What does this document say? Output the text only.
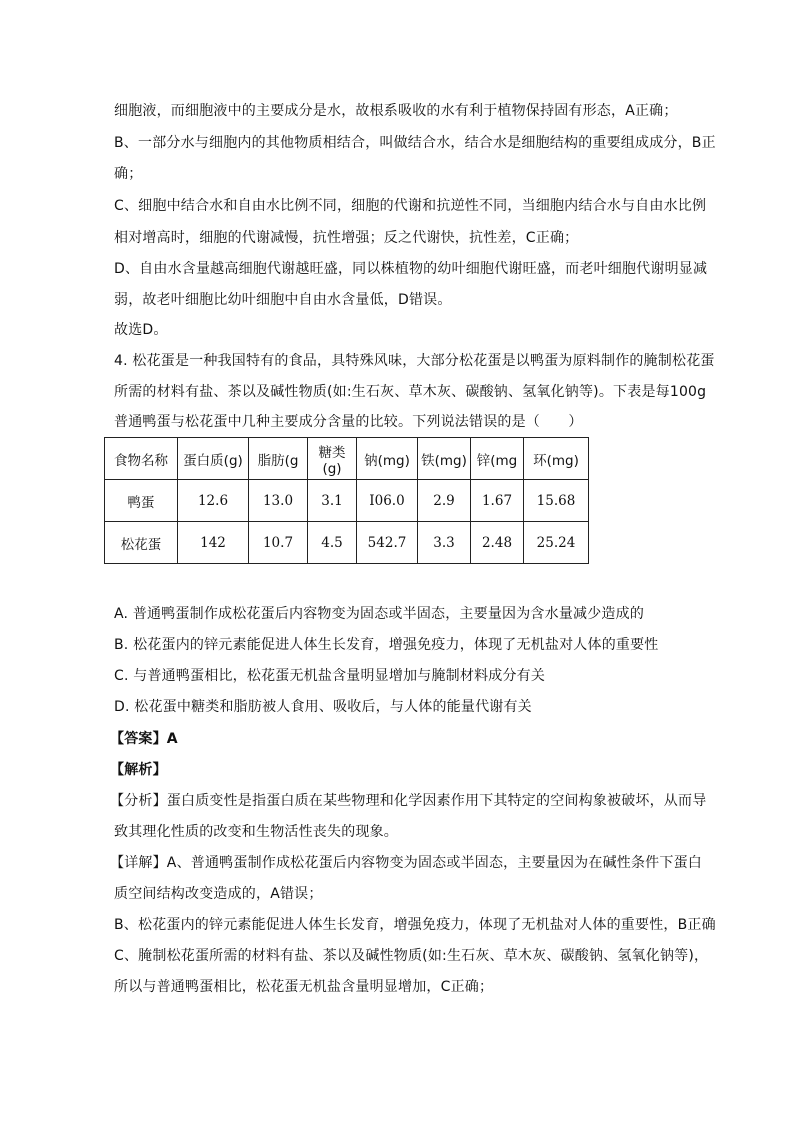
细胞液，而细胞液中的主要成分是水，故根系吸收的水有利于植物保持固有形态，A正确；
B、一部分水与细胞内的其他物质相结合，叫做结合水，结合水是细胞结构的重要组成成分，B正
确；
C、细胞中结合水和自由水比例不同，细胞的代谢和抗逆性不同，当细胞内结合水与自由水比例
相对增高时，细胞的代谢减慢，抗性增强；反之代谢快，抗性差，C正确；
D、自由水含量越高细胞代谢越旺盛，同以株植物的幼叶细胞代谢旺盛，而老叶细胞代谢明显减
弱，故老叶细胞比幼叶细胞中自由水含量低，D错误。
故选D。
4. 松花蛋是一种我国特有的食品，具特殊风味，大部分松花蛋是以鸭蛋为原料制作的腌制松花蛋
所需的材料有盐、茶以及碱性物质(如:生石灰、草木灰、碳酸钠、氢氧化钠等)。下表是每100g
普通鸭蛋与松花蛋中几种主要成分含量的比较。下列说法错误的是（　　）
食物名称	蛋白质(g)	脂肪(g	糖类(g)	钠(mg)	铁(mg)	锌(mg	环(mg)
鸭蛋	12.6	13.0	3.1	I06.0	2.9	1.67	15.68
松花蛋	142	10.7	4.5	542.7	3.3	2.48	25.24
A. 普通鸭蛋制作成松花蛋后内容物变为固态或半固态，主要量因为含水量减少造成的
B. 松花蛋内的锌元素能促进人体生长发育，增强免疫力，体现了无机盐对人体的重要性
C. 与普通鸭蛋相比，松花蛋无机盐含量明显增加与腌制材料成分有关
D. 松花蛋中糖类和脂肪被人食用、吸收后，与人体的能量代谢有关
【答案】A
【解析】
【分析】蛋白质变性是指蛋白质在某些物理和化学因素作用下其特定的空间构象被破坏，从而导
致其理化性质的改变和生物活性丧失的现象。
【详解】A、普通鸭蛋制作成松花蛋后内容物变为固态或半固态，主要量因为在碱性条件下蛋白
质空间结构改变造成的，A错误；
B、松花蛋内的锌元素能促进人体生长发育，增强免疫力，体现了无机盐对人体的重要性，B正确
C、腌制松花蛋所需的材料有盐、茶以及碱性物质(如:生石灰、草木灰、碳酸钠、氢氧化钠等)，
所以与普通鸭蛋相比，松花蛋无机盐含量明显增加，C正确；
